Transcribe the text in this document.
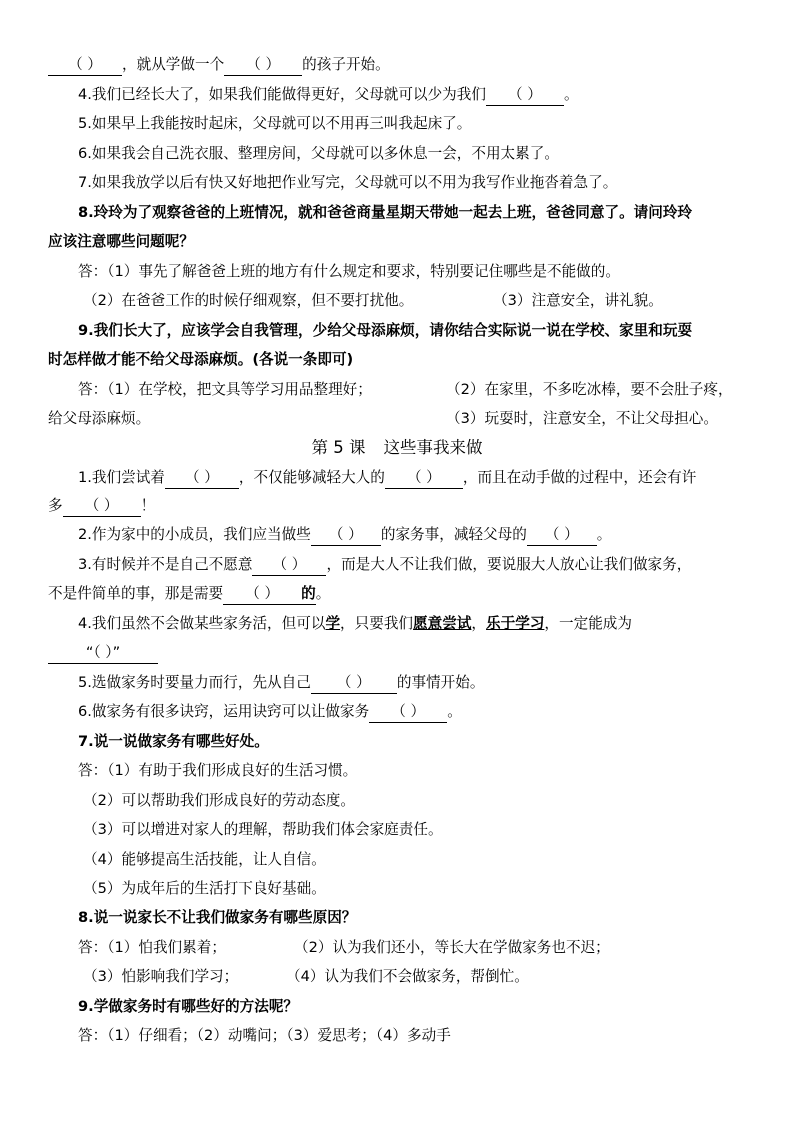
（ ） ，就从学做一个 （ ） 的孩子开始。
4.我们已经长大了，如果我们能做得更好，父母就可以少为我们 （ ） 。
5.如果早上我能按时起床，父母就可以不用再三叫我起床了。
6.如果我会自己洗衣服、整理房间，父母就可以多休息一会，不用太累了。
7.如果我放学以后有快又好地把作业写完，父母就可以不用为我写作业拖沓着急了。
8.玲玲为了观察爸爸的上班情况，就和爸爸商量星期天带她一起去上班，爸爸同意了。请问玲玲
应该注意哪些问题呢？
答：（1）事先了解爸爸上班的地方有什么规定和要求，特别要记住哪些是不能做的。
（2）在爸爸工作的时候仔细观察，但不要打扰他。	（3）注意安全，讲礼貌。
9.我们长大了，应该学会自我管理，少给父母添麻烦，请你结合实际说一说在学校、家里和玩耍
时怎样做才能不给父母添麻烦。(各说一条即可)
答：（1）在学校，把文具等学习用品整理好；	（2）在家里，不多吃冰棒，要不会肚子疼，
给父母添麻烦。	（3）玩耍时，注意安全，不让父母担心。
第 5 课 这些事我来做
1.我们尝试着 （ ） ，不仅能够减轻大人的 （ ） ，而且在动手做的过程中，还会有许
多 （ ） ！
2.作为家中的小成员，我们应当做些 （ ） 的家务事，减轻父母的 （ ） 。
3.有时候并不是自己不愿意 （ ） ，而是大人不让我们做，要说服大人放心让我们做家务，
不是件简单的事，那是需要 （ ） 的。
4.我们虽然不会做某些家务活，但可以学，只要我们愿意尝试，乐于学习，一定能成为
“（ ）”
5.选做家务时要量力而行，先从自己 （ ） 的事情开始。
6.做家务有很多诀窍，运用诀窍可以让做家务 （ ） 。
7.说一说做家务有哪些好处。
答：（1）有助于我们形成良好的生活习惯。
（2）可以帮助我们形成良好的劳动态度。
（3）可以增进对家人的理解，帮助我们体会家庭责任。
（4）能够提高生活技能，让人自信。
（5）为成年后的生活打下良好基础。
8.说一说家长不让我们做家务有哪些原因？
答：（1）怕我们累着；	（2）认为我们还小，等长大在学做家务也不迟；
（3）怕影响我们学习；	（4）认为我们不会做家务，帮倒忙。
9.学做家务时有哪些好的方法呢？
答：（1）仔细看；（2）动嘴问；（3）爱思考；（4）多动手
